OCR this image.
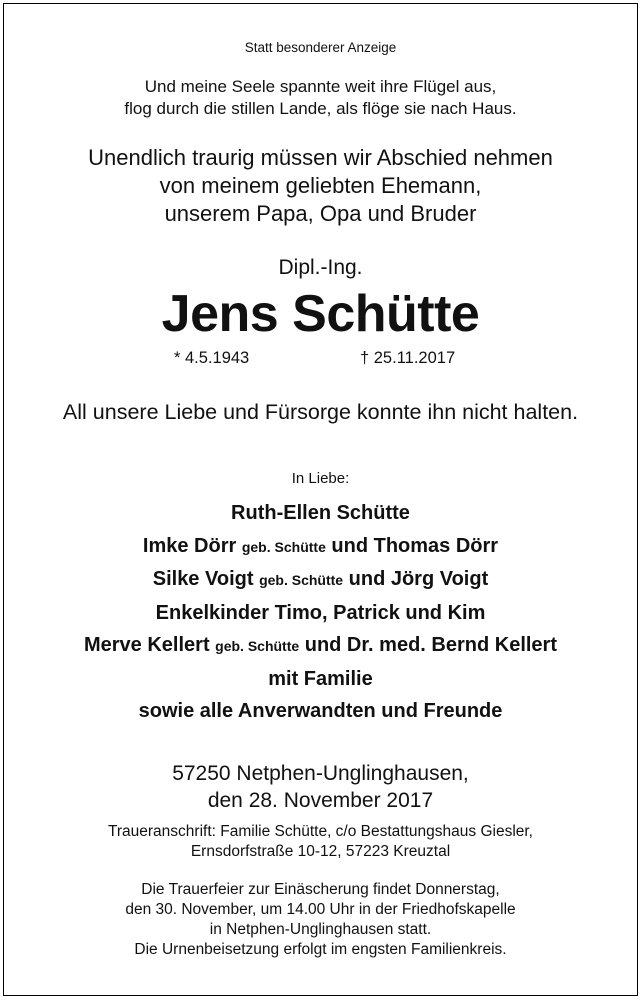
Statt besonderer Anzeige
Und meine Seele spannte weit ihre Flügel aus,
flog durch die stillen Lande, als flöge sie nach Haus.
Unendlich traurig müssen wir Abschied nehmen
von meinem geliebten Ehemann,
unserem Papa, Opa und Bruder
Dipl.-Ing.
Jens Schütte
* 4.5.1943	† 25.11.2017
All unsere Liebe und Fürsorge konnte ihn nicht halten.
In Liebe:
Ruth-Ellen Schütte
Imke Dörr geb. Schütte und Thomas Dörr
Silke Voigt geb. Schütte und Jörg Voigt
Enkelkinder Timo, Patrick und Kim
Merve Kellert geb. Schütte und Dr. med. Bernd Kellert
mit Familie
sowie alle Anverwandten und Freunde
57250 Netphen-Unglinghausen,
den 28. November 2017
Traueranschrift: Familie Schütte, c/o Bestattungshaus Giesler,
Ernsdorfstraße 10-12, 57223 Kreuztal
Die Trauerfeier zur Einäscherung findet Donnerstag,
den 30. November, um 14.00 Uhr in der Friedhofskapelle
in Netphen-Unglinghausen statt.
Die Urnenbeisetzung erfolgt im engsten Familienkreis.
